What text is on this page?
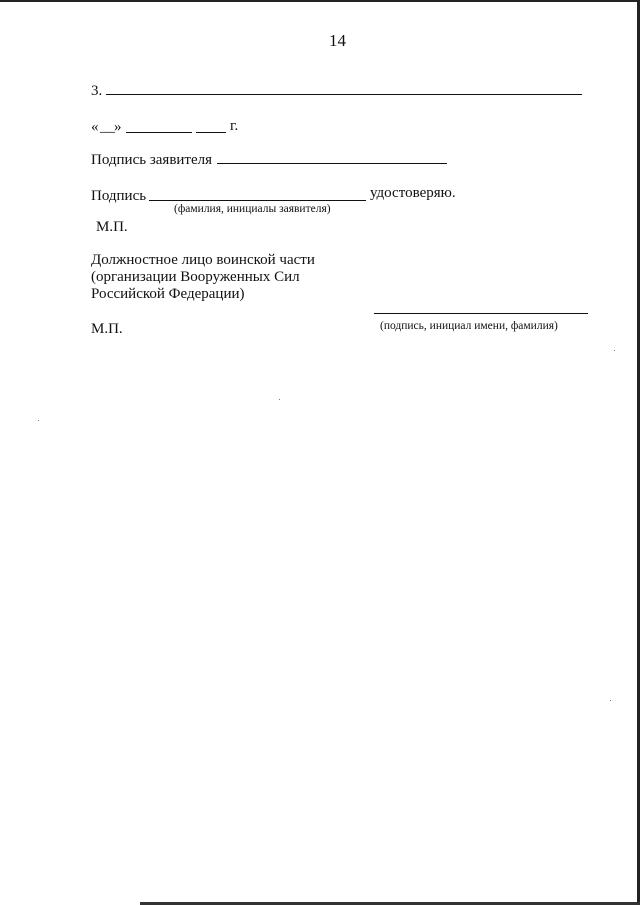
14
3.
« __ »	г.
Подпись заявителя
Подпись	удостоверяю.
(фамилия, инициалы заявителя)
М.П.
Должностное лицо воинской части
(организации Вооруженных Сил
Российской Федерации)
(подпись, инициал имени, фамилия)
М.П.
